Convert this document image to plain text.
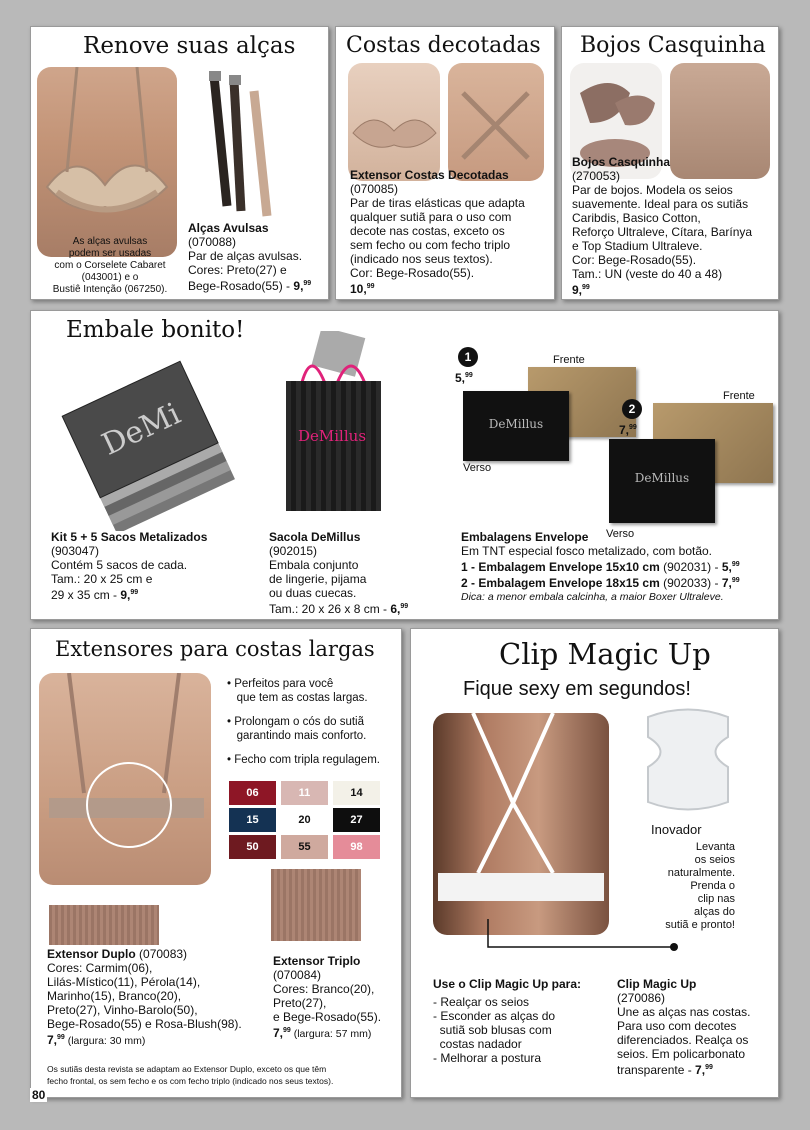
Renove suas alças
As alças avulsas
podem ser usadas
com o Corselete Cabaret
(043001) e o
Bustiê Intenção (067250).
Alças Avulsas
(070088)
Par de alças avulsas.
Cores: Preto(27) e
Bege-Rosado(55) - 9,99
Costas decotadas
Extensor Costas Decotadas
(070085)
Par de tiras elásticas que adapta
qualquer sutiã para o uso com
decote nas costas, exceto os
sem fecho ou com fecho triplo
(indicado nos seus textos).
Cor: Bege-Rosado(55).
10,99
Bojos Casquinha
Bojos Casquinha
(270053)
Par de bojos. Modela os seios
suavemente. Ideal para os sutiãs
Caribdis, Basico Cotton,
Reforço Ultraleve, Cítara, Barínya
e Top Stadium Ultraleve.
Cor: Bege-Rosado(55).
Tam.: UN (veste do 40 a 48)
9,99
Embale bonito!
DeMi
Kit 5 + 5 Sacos Metalizados
(903047)
Contém 5 sacos de cada.
Tam.: 20 x 25 cm e
29 x 35 cm - 9,99
DeMillus
Sacola DeMillus
(902015)
Embala conjunto
de lingerie, pijama
ou duas cuecas.
Tam.: 20 x 26 x 8 cm - 6,99
1
5,99
Frente
DeMillus
Verso
2
7,99
Frente
DeMillus
Verso
Embalagens Envelope
Em TNT especial fosco metalizado, com botão.
1 - Embalagem Envelope 15x10 cm (902031) - 5,99
2 - Embalagem Envelope 18x15 cm (902033) - 7,99
Dica: a menor embala calcinha, a maior Boxer Ultraleve.
Extensores para costas largas
• Perfeitos para você
que tem as costas largas.
• Prolongam o cós do sutiã
garantindo mais conforto.
• Fecho com tripla regulagem.
06	11	14
15	20	27
50	55	98
Extensor Duplo (070083)
Cores: Carmim(06),
Lilás-Místico(11), Pérola(14),
Marinho(15), Branco(20),
Preto(27), Vinho-Barolo(50),
Bege-Rosado(55) e Rosa-Blush(98).
7,99 (largura: 30 mm)
Extensor Triplo
(070084)
Cores: Branco(20),
Preto(27),
e Bege-Rosado(55).
7,99 (largura: 57 mm)
Os sutiãs desta revista se adaptam ao Extensor Duplo, exceto os que têm
fecho frontal, os sem fecho e os com fecho triplo (indicado nos seus textos).
Clip Magic Up
Fique sexy em segundos!
Inovador
Levanta
os seios
naturalmente.
Prenda o
clip nas
alças do
sutiã e pronto!
Use o Clip Magic Up para:
- Realçar os seios
- Esconder as alças do
sutiã sob blusas com
costas nadador
- Melhorar a postura
Clip Magic Up
(270086)
Une as alças nas costas.
Para uso com decotes
diferenciados. Realça os
seios. Em policarbonato
transparente - 7,99
80
